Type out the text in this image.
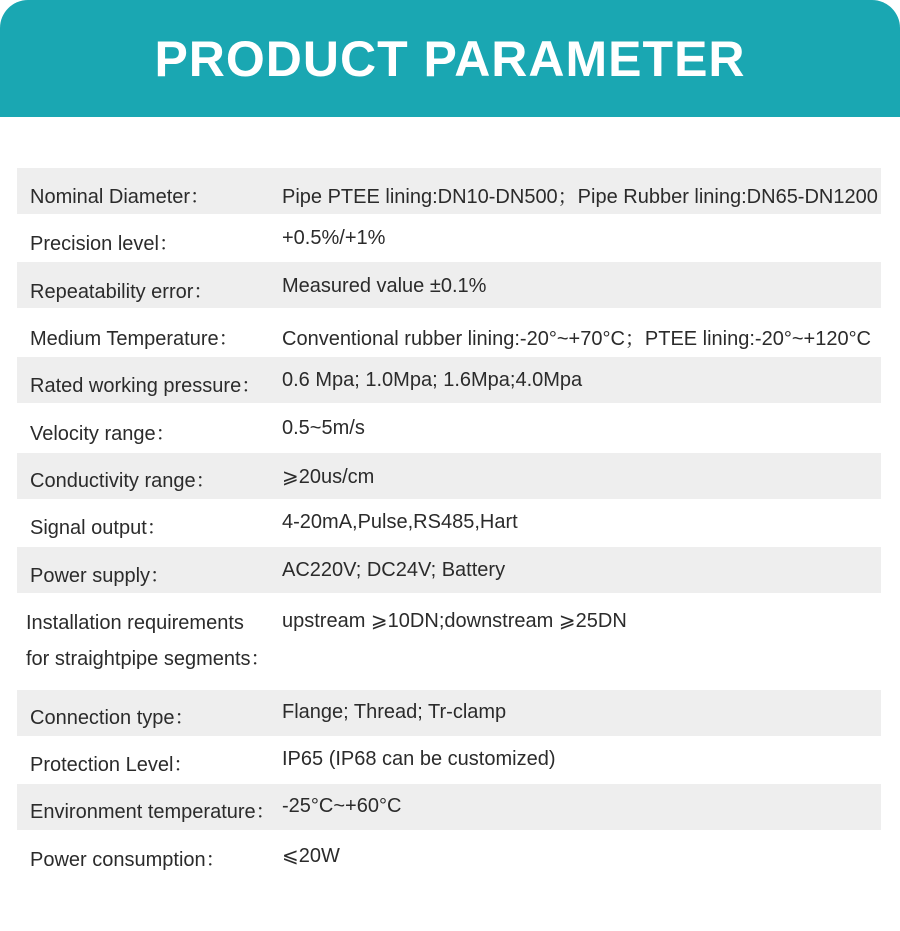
PRODUCT PARAMETER
Nominal Diameter：	Pipe PTEE lining:DN10-DN500；Pipe Rubber lining:DN65-DN1200
Precision level：	+0.5%/+1%
Repeatability error：	Measured value ±0.1%
Medium Temperature： Conventional rubber lining:-20°~+70°C；PTEE lining:-20°~+120°C
Rated working pressure： 0.6 Mpa; 1.0Mpa; 1.6Mpa;4.0Mpa
Velocity range：	0.5~5m/s
Conductivity range：	⩾20us/cm
Signal output：	4-20mA,Pulse,RS485,Hart
Power supply：	AC220V; DC24V; Battery
Installation requirements
for straightpipe segments：
upstream ⩾10DN;downstream ⩾25DN
Connection type：	Flange; Thread; Tr-clamp
Protection Level：	IP65 (IP68 can be customized)
Environment temperature： -25°C~+60°C
Power consumption：	⩽20W
